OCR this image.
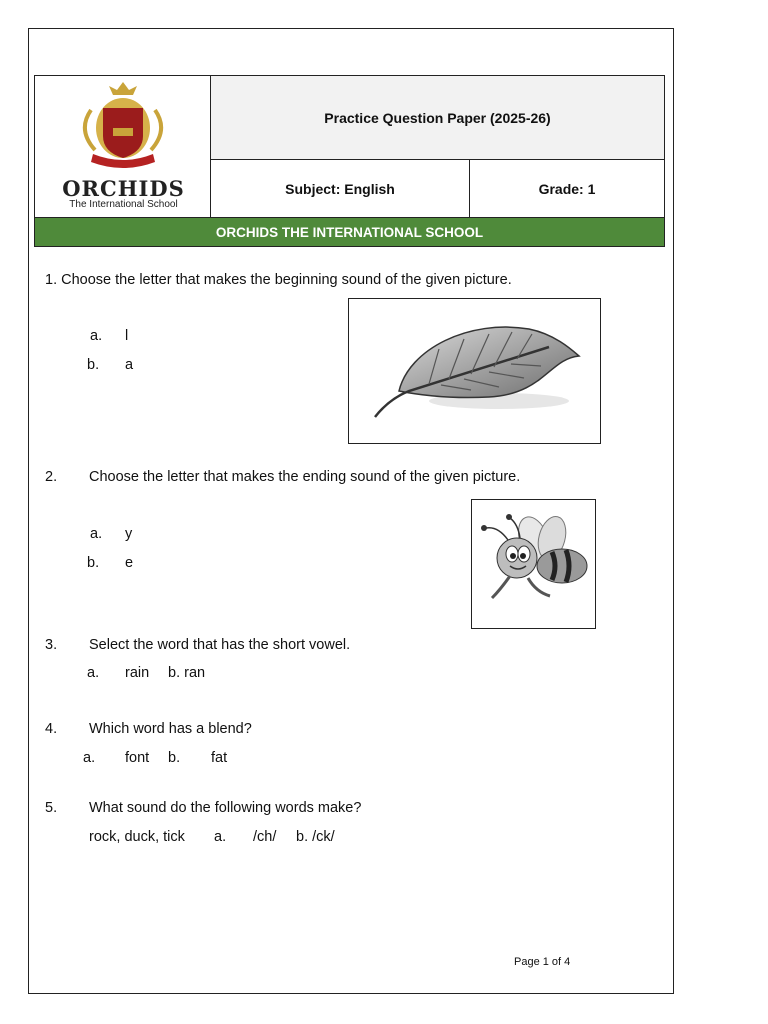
ORCHIDS
The International School
Practice Question Paper (2025-26)
Subject: English	Grade: 1
ORCHIDS THE INTERNATIONAL SCHOOL
1. Choose the letter that makes the beginning sound of the given picture.
a. l
b. a
2. Choose the letter that makes the ending sound of the given picture.
a. y
b. e
3. Select the word that has the short vowel.
a. rain b. ran
4. Which word has a blend?
a. font b. fat
5. What sound do the following words make?
rock, duck, tick a. /ch/ b. /ck/
Page 1 of 4
